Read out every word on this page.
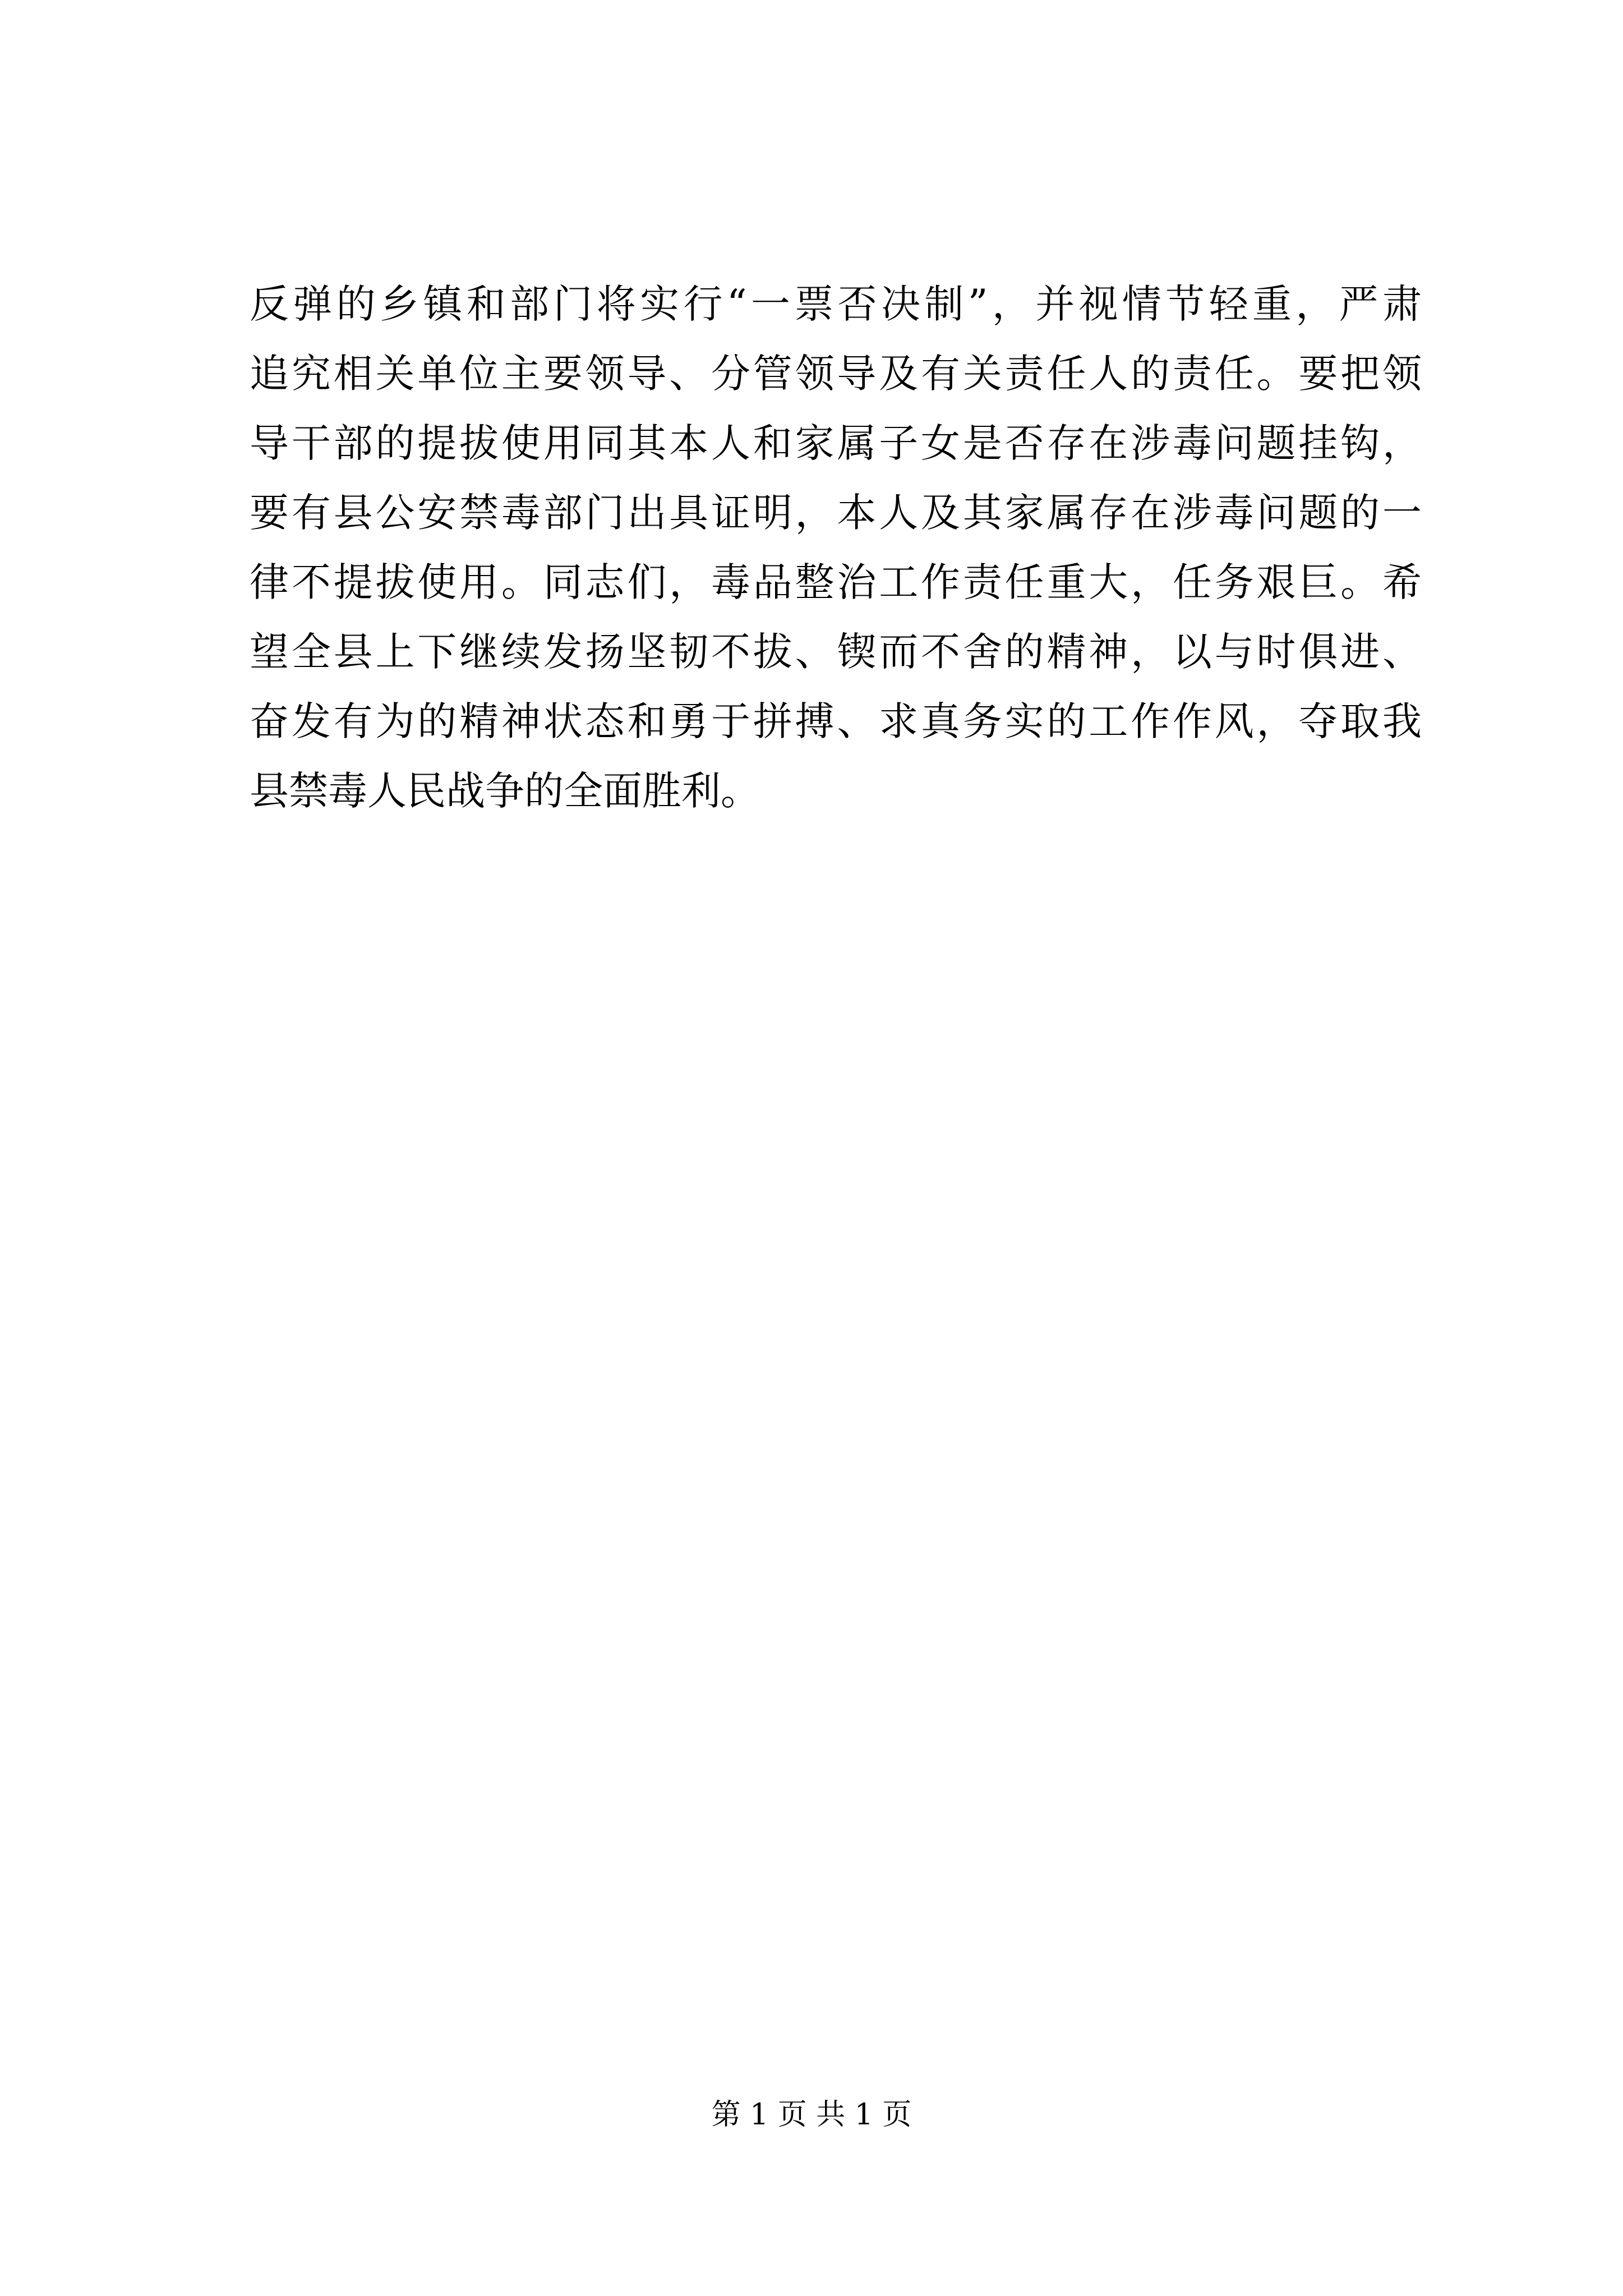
反弹的乡镇和部门将实行“一票否决制”，并视情节轻重，严肃
追究相关单位主要领导、分管领导及有关责任人的责任。要把领
导干部的提拔使用同其本人和家属子女是否存在涉毒问题挂钩，
要有县公安禁毒部门出具证明，本人及其家属存在涉毒问题的一
律不提拔使用。同志们，毒品整治工作责任重大，任务艰巨。希
望全县上下继续发扬坚韧不拔、锲而不舍的精神，以与时俱进、
奋发有为的精神状态和勇于拼搏、求真务实的工作作风，夺取我
县禁毒人民战争的全面胜利。
第 1 页 共 1 页
